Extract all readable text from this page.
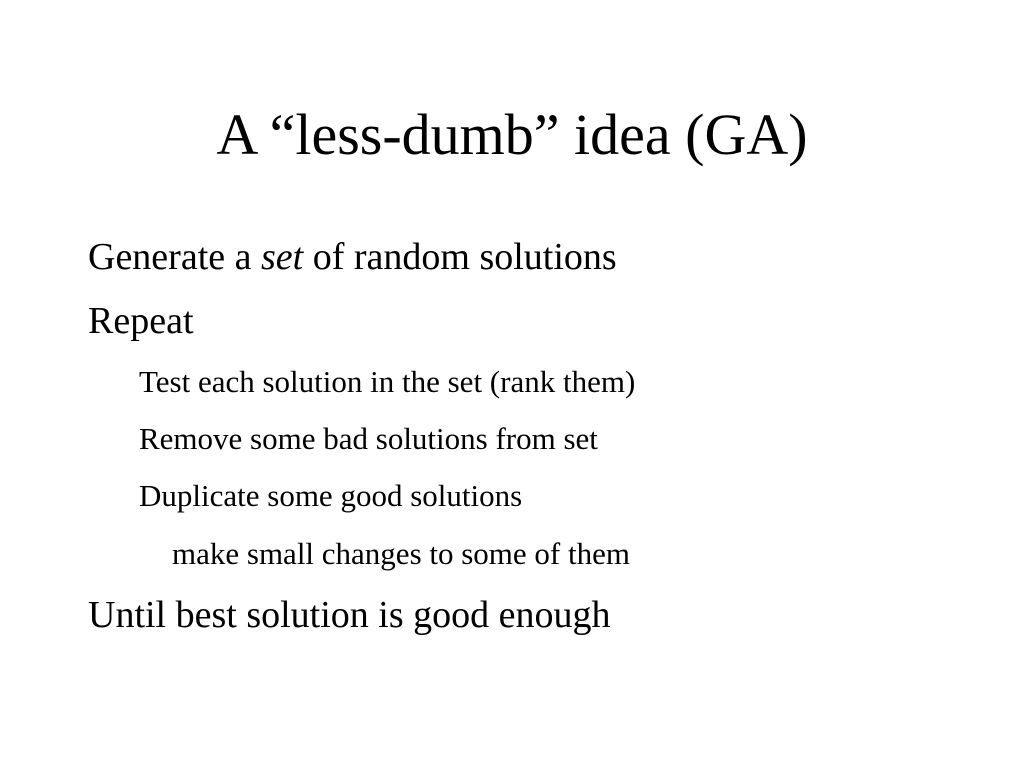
A “less-dumb” idea (GA)
Generate a set of random solutions
Repeat
Test each solution in the set (rank them)
Remove some bad solutions from set
Duplicate some good solutions
make small changes to some of them
Until best solution is good enough
